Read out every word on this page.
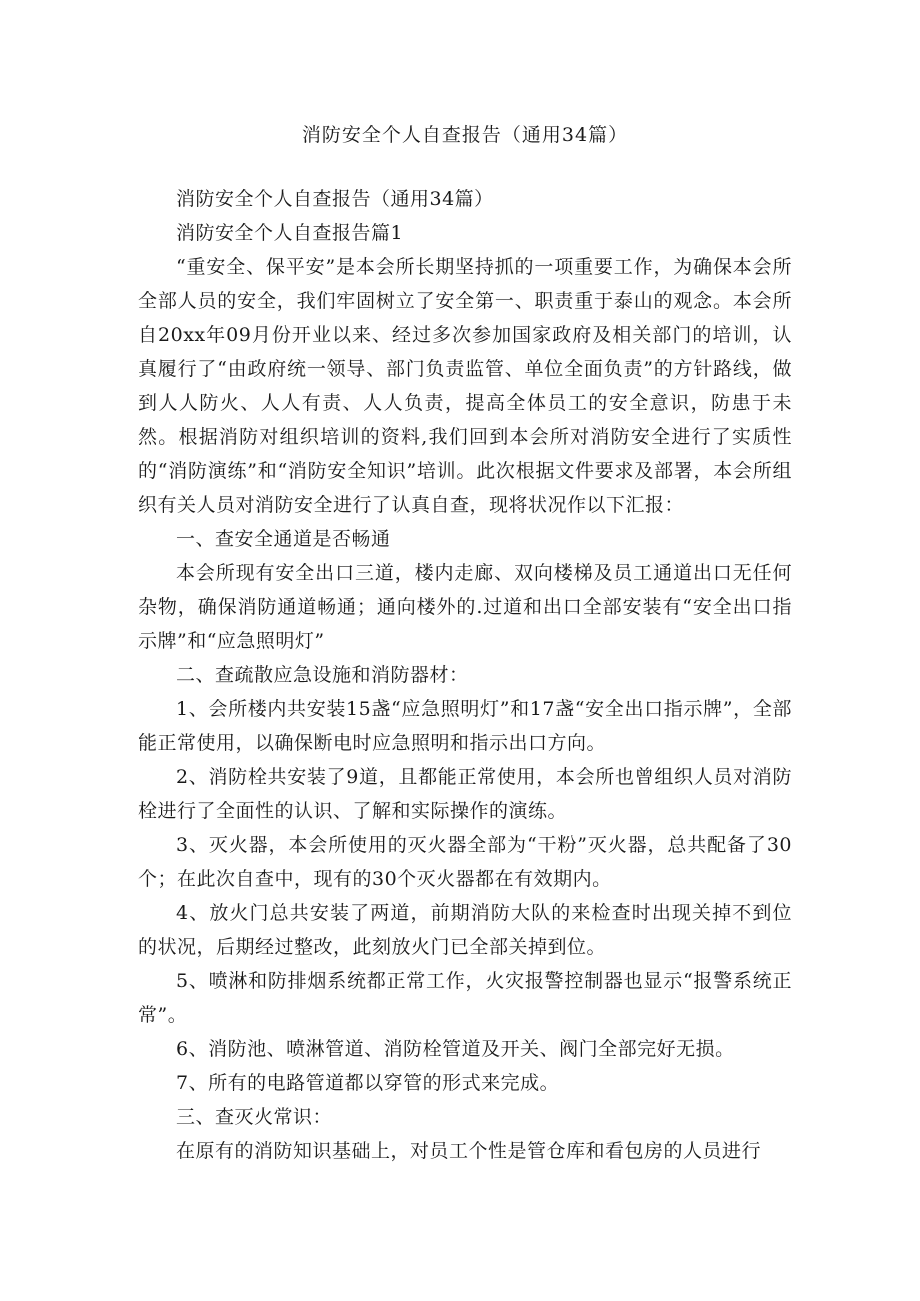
消防安全个人自查报告（通用34篇）

消防安全个人自查报告（通用34篇）

消防安全个人自查报告篇1

“重安全、保平安”是本会所长期坚持抓的一项重要工作，为确保本会所全部人员的安全，我们牢固树立了安全第一、职责重于泰山的观念。本会所自20xx年09月份开业以来、经过多次参加国家政府及相关部门的培训，认真履行了“由政府统一领导、部门负责监管、单位全面负责”的方针路线，做到人人防火、人人有责、人人负责，提高全体员工的安全意识，防患于未然。根据消防对组织培训的资料,我们回到本会所对消防安全进行了实质性的“消防演练”和“消防安全知识”培训。此次根据文件要求及部署，本会所组织有关人员对消防安全进行了认真自查，现将状况作以下汇报：

一、查安全通道是否畅通

本会所现有安全出口三道，楼内走廊、双向楼梯及员工通道出口无任何杂物，确保消防通道畅通；通向楼外的.过道和出口全部安装有“安全出口指示牌”和“应急照明灯”

二、查疏散应急设施和消防器材：

1、会所楼内共安装15盏“应急照明灯”和17盏“安全出口指示牌”，全部能正常使用，以确保断电时应急照明和指示出口方向。

2、消防栓共安装了9道，且都能正常使用，本会所也曾组织人员对消防栓进行了全面性的认识、了解和实际操作的演练。

3、灭火器，本会所使用的灭火器全部为“干粉”灭火器，总共配备了30个；在此次自查中，现有的30个灭火器都在有效期内。

4、放火门总共安装了两道，前期消防大队的来检查时出现关掉不到位的状况，后期经过整改，此刻放火门已全部关掉到位。

5、喷淋和防排烟系统都正常工作，火灾报警控制器也显示“报警系统正常”。

6、消防池、喷淋管道、消防栓管道及开关、阀门全部完好无损。

7、所有的电路管道都以穿管的形式来完成。

三、查灭火常识：

在原有的消防知识基础上，对员工个性是管仓库和看包房的人员进行
